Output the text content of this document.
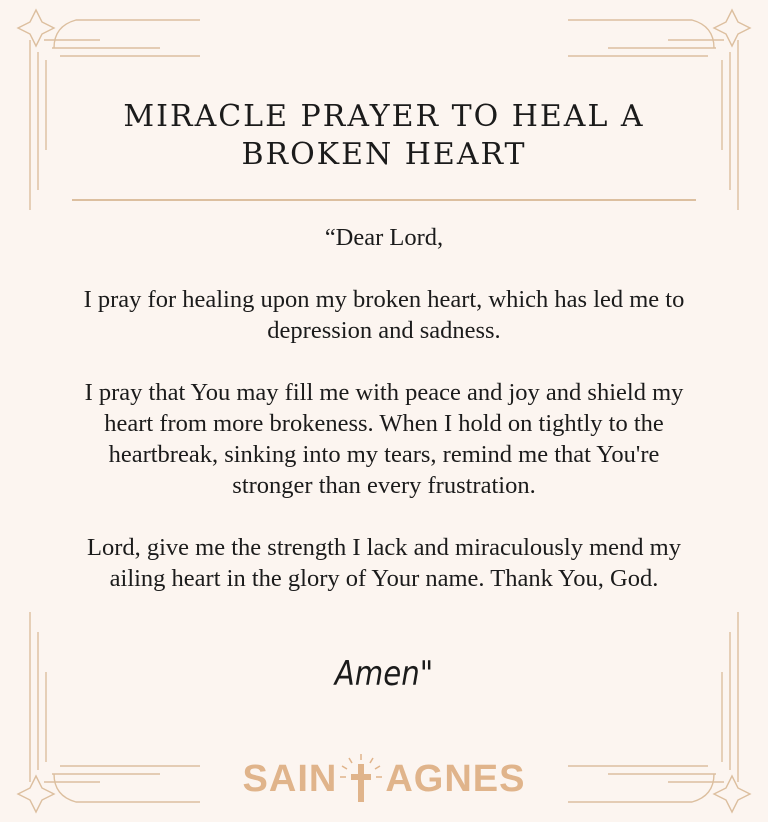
MIRACLE PRAYER TO HEAL A BROKEN HEART

“Dear Lord,

I pray for healing upon my broken heart, which has led me to depression and sadness.

I pray that You may fill me with peace and joy and shield my heart from more brokeness. When I hold on tightly to the heartbreak, sinking into my tears, remind me that You're stronger than every frustration.

Lord, give me the strength I lack and miraculously mend my ailing heart in the glory of Your name. Thank You, God.

Amen"
SAIN AGNES
